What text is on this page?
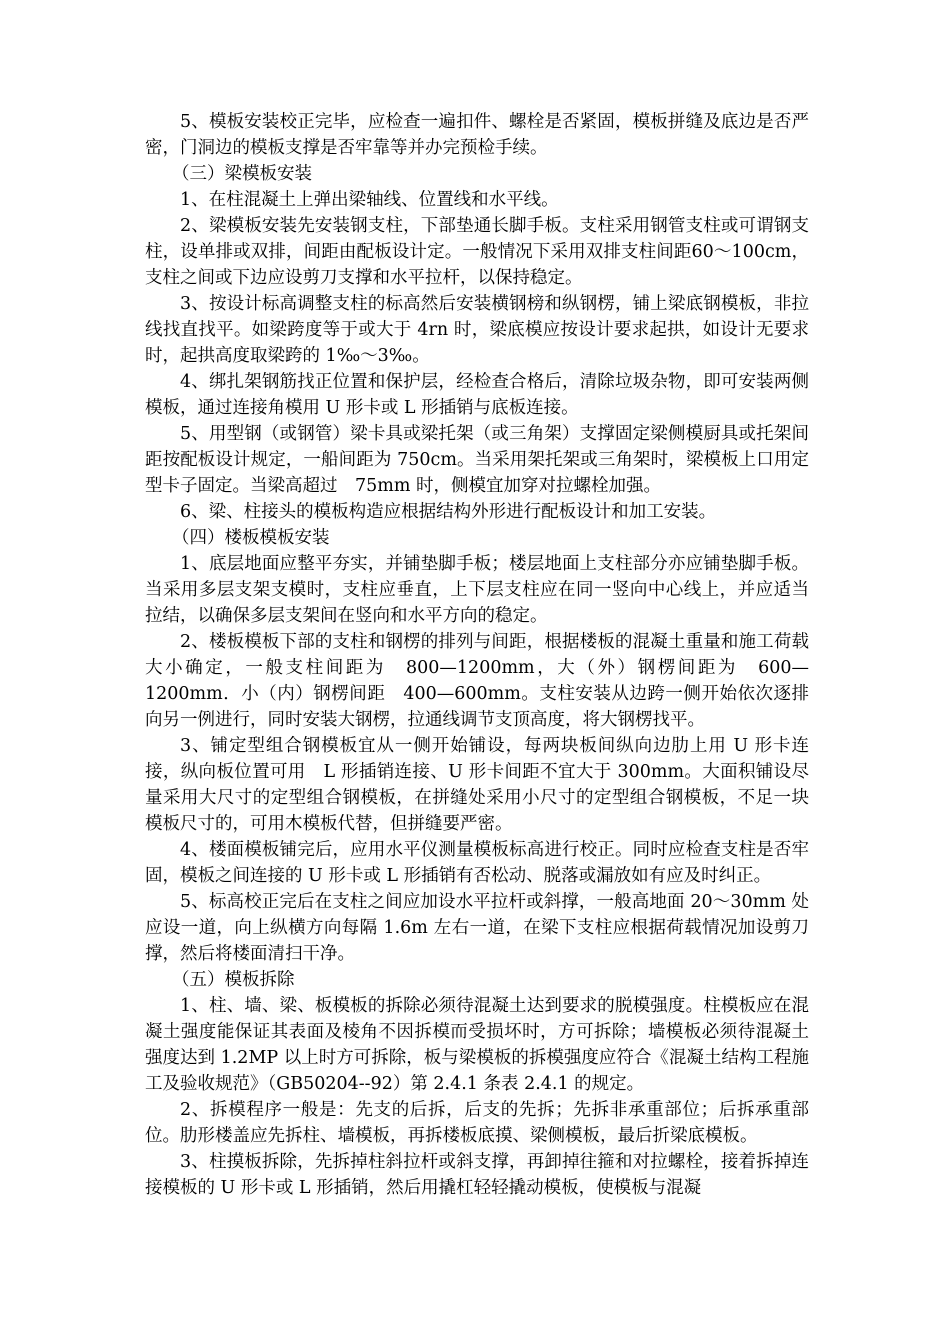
5、模板安装校正完毕，应检查一遍扣件、螺栓是否紧固，模板拼缝及底边是否严密，门洞边的模板支撑是否牢靠等并办完预检手续。

（三）梁模板安装

1、在柱混凝土上弹出梁轴线、位置线和水平线。

2、梁模板安装先安装钢支柱，下部垫通长脚手板。支柱采用钢管支柱或可谓钢支柱，设单排或双排，间距由配板设计定。一般情况下采用双排支柱间距60～100cm，支柱之间或下边应设剪刀支撑和水平拉杆，以保持稳定。

3、按设计标高调整支柱的标高然后安装横钢榜和纵钢楞，铺上梁底钢模板，非拉线找直找平。如梁跨度等于或大于 4rn 时，梁底模应按设计要求起拱，如设计无要求时，起拱高度取梁跨的 1‰～3‰。

4、绑扎架钢筋找正位置和保护层，经检查合格后，清除垃圾杂物，即可安装两侧模板，通过连接角模用 U 形卡或 L 形插销与底板连接。

5、用型钢（或钢管）梁卡具或梁托架（或三角架）支撑固定梁侧模厨具或托架间距按配板设计规定，一船间距为 750cm。当采用架托架或三角架时，梁模板上口用定型卡子固定。当梁高超过　75mm 时，侧模宜加穿对拉螺栓加强。

6、梁、柱接头的模板构造应根据结构外形进行配板设计和加工安装。

（四）楼板模板安装

1、底层地面应整平夯实，并铺垫脚手板；楼层地面上支柱部分亦应铺垫脚手板。当采用多层支架支模时，支柱应垂直，上下层支柱应在同一竖向中心线上，并应适当拉结，以确保多层支架间在竖向和水平方向的稳定。

2、楼板模板下部的支柱和钢楞的排列与间距，根据楼板的混凝土重量和施工荷载大小确定，一般支柱间距为　800—1200mm，大（外）钢楞间距为　600—1200mm．小（内）钢楞间距　400—600mm。支柱安装从边跨一侧开始依次逐排向另一例进行，同时安装大钢楞，拉通线调节支顶高度，将大钢楞找平。

3、铺定型组合钢模板宜从一侧开始铺设，每两块板间纵向边肋上用 U 形卡连接，纵向板位置可用　L 形插销连接、U 形卡间距不宜大于 300mm。大面积铺设尽量采用大尺寸的定型组合钢模板，在拼缝处采用小尺寸的定型组合钢模板，不足一块模板尺寸的，可用木模板代替，但拼缝要严密。

4、楼面模板铺完后，应用水平仪测量模板标高进行校正。同时应检查支柱是否牢固，模板之间连接的 U 形卡或 L 形插销有否松动、脱落或漏放如有应及时纠正。

5、标高校正完后在支柱之间应加设水平拉杆或斜撑，一般高地面 20～30mm 处应设一道，向上纵横方向每隔 1.6m 左右一道，在梁下支柱应根据荷载情况加设剪刀撑，然后将楼面清扫干净。

（五）模板拆除

1、柱、墙、梁、板模板的拆除必须待混凝土达到要求的脱模强度。柱模板应在混凝土强度能保证其表面及棱角不因拆模而受损坏时，方可拆除；墙模板必须待混凝土强度达到 1.2MP 以上时方可拆除，板与梁模板的拆模强度应符合《混凝土结构工程施工及验收规范》（GB50204--92）第 2.4.1 条表 2.4.1 的规定。

2、拆模程序一般是：先支的后拆，后支的先拆；先拆非承重部位；后拆承重部位。肋形楼盖应先拆柱、墙模板，再拆楼板底摸、梁侧模板，最后折梁底模板。

3、柱摸板拆除，先拆掉柱斜拉杆或斜支撑，再卸掉往箍和对拉螺栓，接着拆掉连接模板的 U 形卡或 L 形插销，然后用撬杠轻轻撬动模板，使模板与混凝
